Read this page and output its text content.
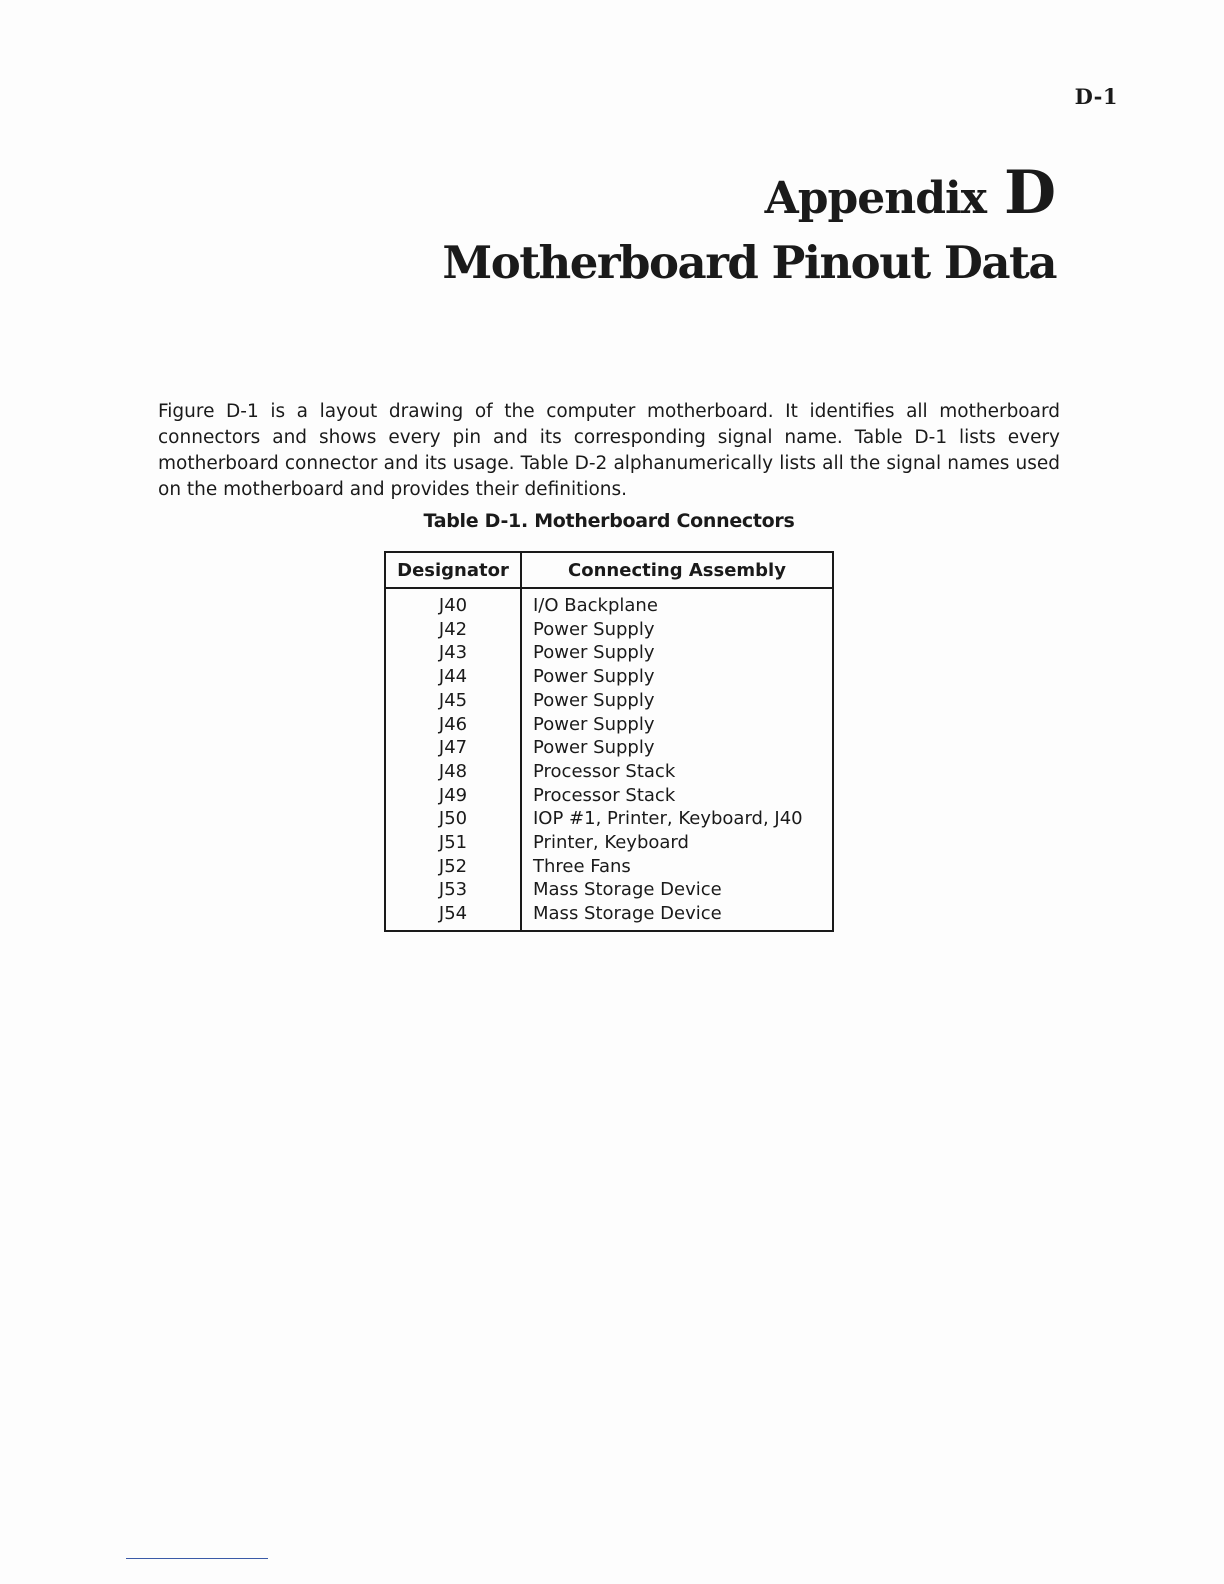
D-1
Appendix D
Motherboard Pinout Data

Figure D-1 is a layout drawing of the computer motherboard. It identifies all motherboard connectors and shows every pin and its corresponding signal name. Table D-1 lists every motherboard connector and its usage. Table D-2 alphanumerically lists all the signal names used on the motherboard and provides their definitions.

Table D-1. Motherboard Connectors
Designator	Connecting Assembly
J40	I/O Backplane
J42	Power Supply
J43	Power Supply
J44	Power Supply
J45	Power Supply
J46	Power Supply
J47	Power Supply
J48	Processor Stack
J49	Processor Stack
J50	IOP #1, Printer, Keyboard, J40
J51	Printer, Keyboard
J52	Three Fans
J53	Mass Storage Device
J54	Mass Storage Device
